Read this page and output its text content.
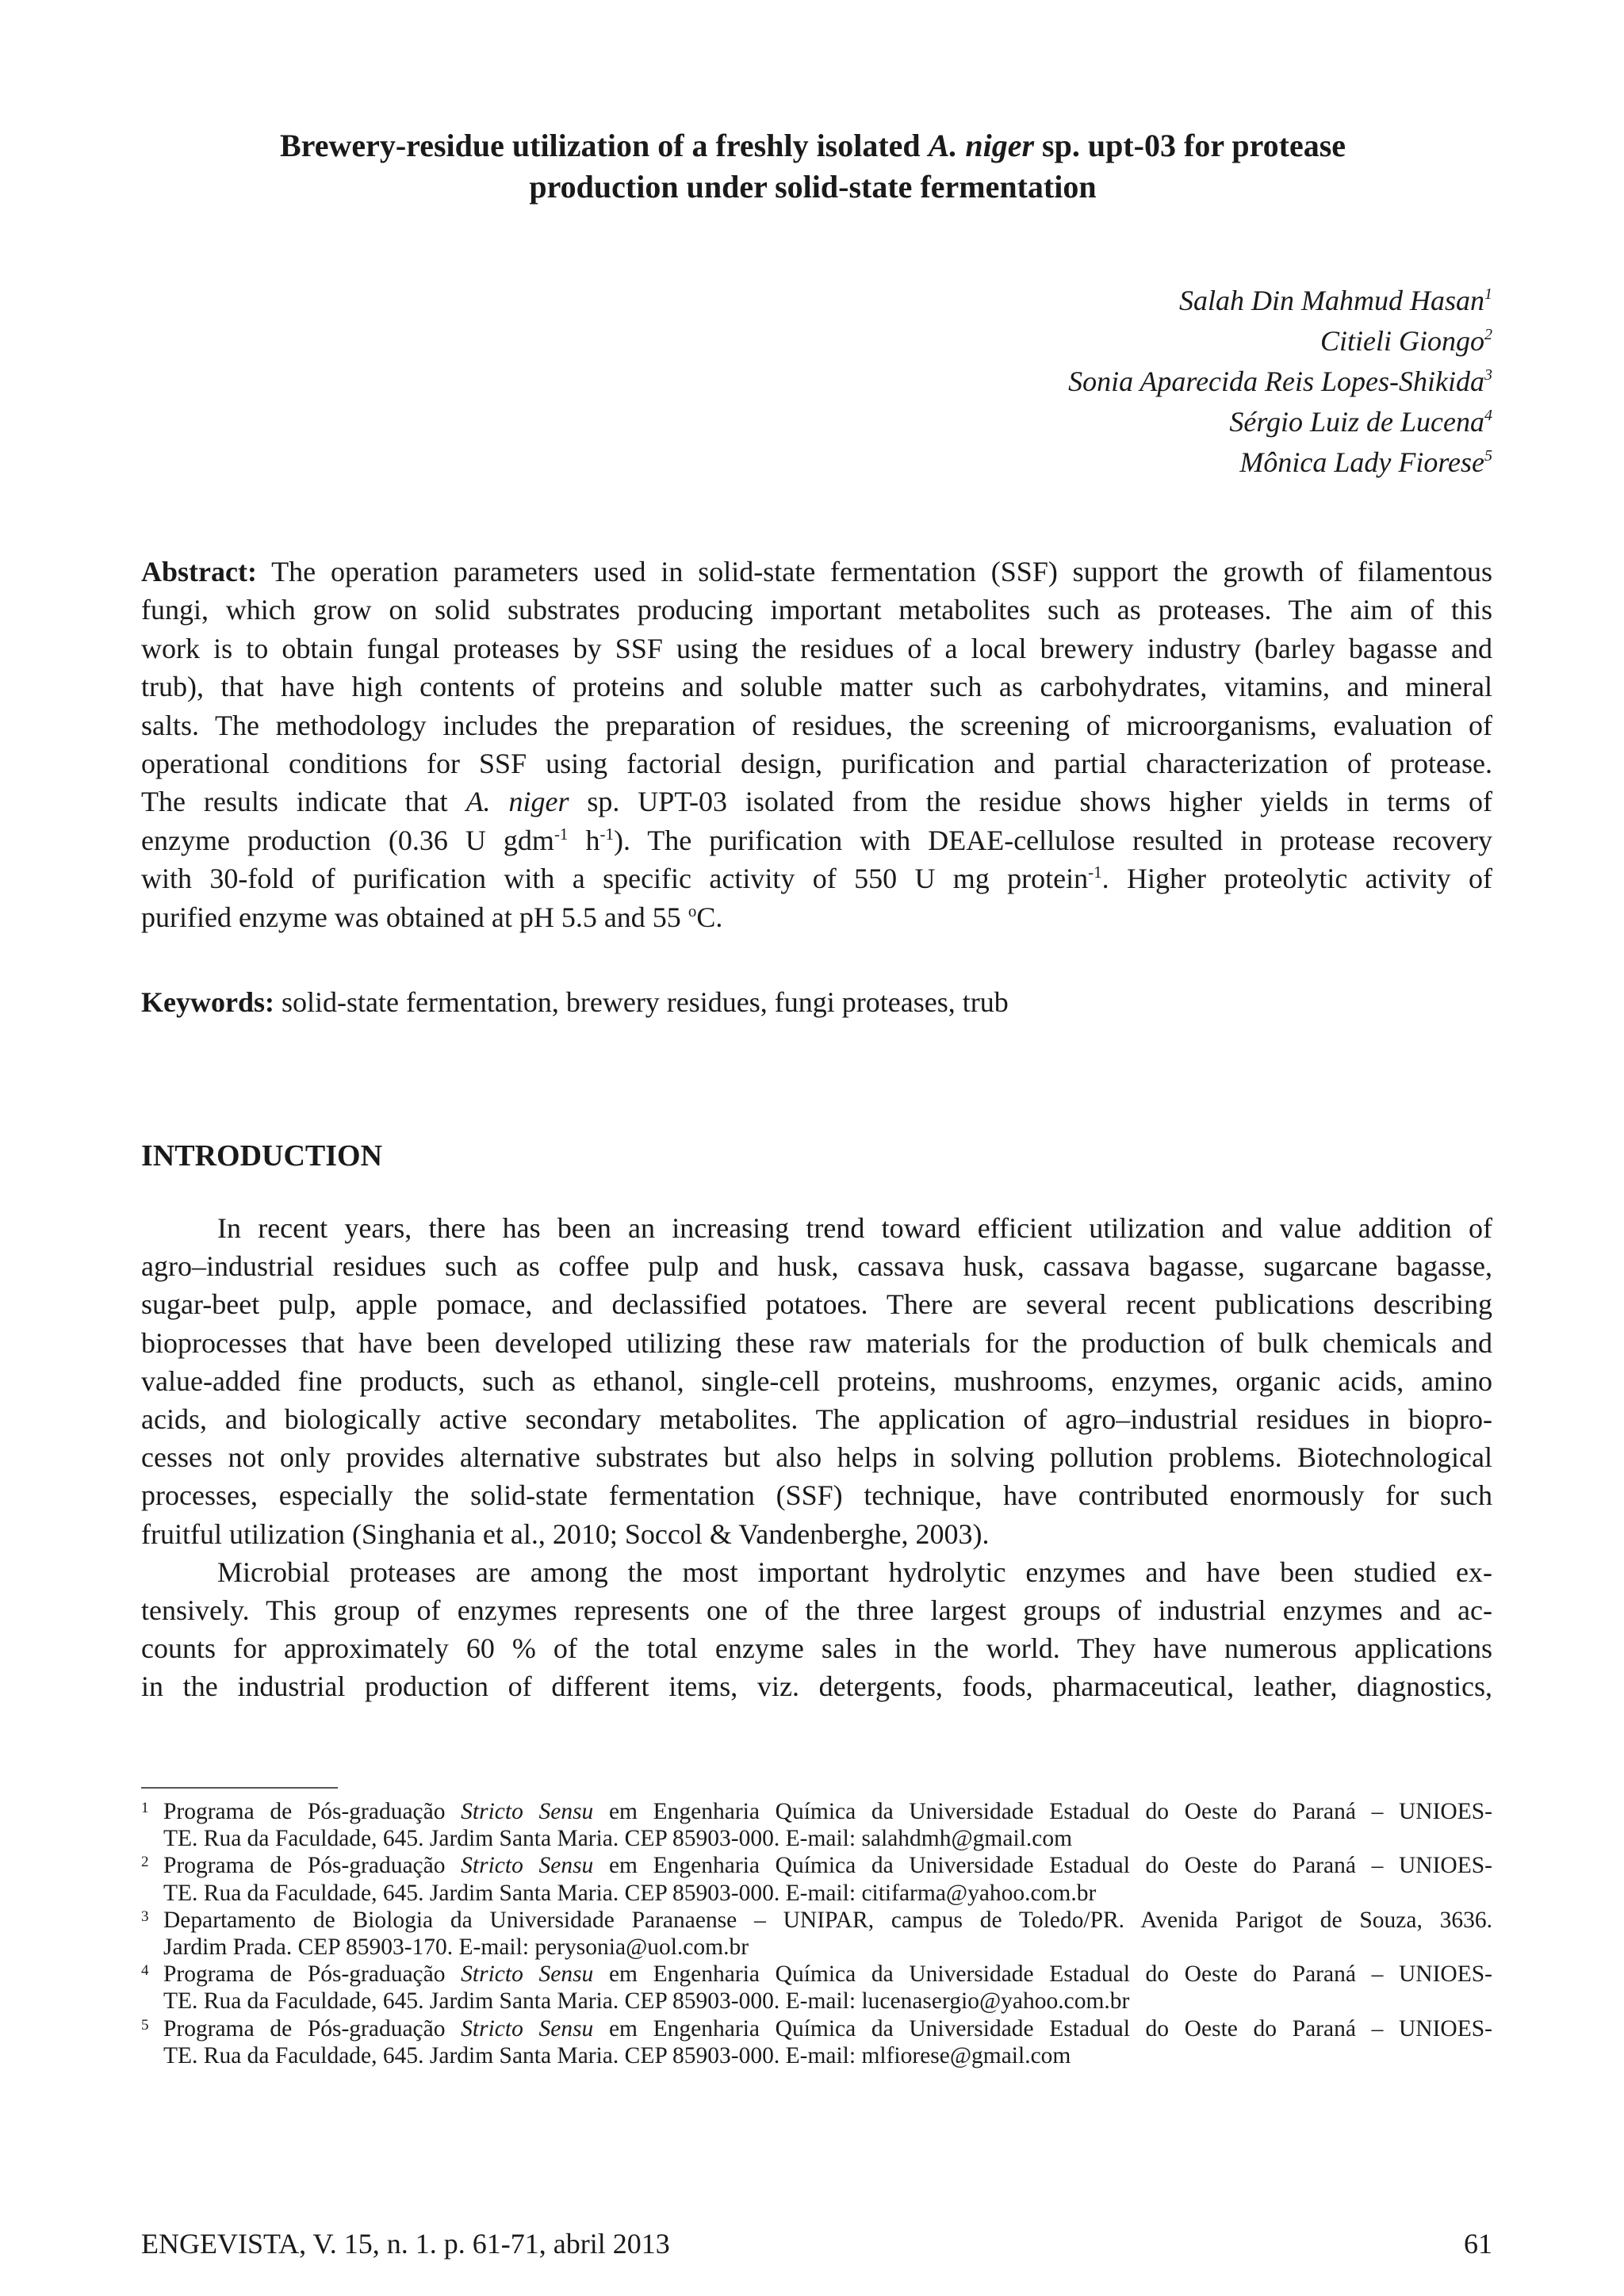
Brewery-residue utilization of a freshly isolated A. niger sp. upt-03 for protease
production under solid-state fermentation
Salah Din Mahmud Hasan$^1$
Citieli Giongo$^2$
Sonia Aparecida Reis Lopes-Shikida$^3$
Sérgio Luiz de Lucena$^4$
Mônica Lady Fiorese$^5$
Abstract: The operation parameters used in solid-state fermentation (SSF) support the growth of filamentous
fungi, which grow on solid substrates producing important metabolites such as proteases. The aim of this
work is to obtain fungal proteases by SSF using the residues of a local brewery industry (barley bagasse and
trub), that have high contents of proteins and soluble matter such as carbohydrates, vitamins, and mineral
salts. The methodology includes the preparation of residues, the screening of microorganisms, evaluation of
operational conditions for SSF using factorial design, purification and partial characterization of protease.
The results indicate that A. niger sp. UPT-03 isolated from the residue shows higher yields in terms of
enzyme production (0.36 U gdm$^{-1}$ $h^{-1}$). The purification with DEAE-cellulose resulted in protease recovery
with 30-fold of purification with a specific activity of 550 U mg protein$^{-1}$. Higher proteolytic activity of
purified enzyme was obtained at pH 5.5 and 55 $^o$C.
Keywords: solid-state fermentation, brewery residues, fungi proteases, trub
INTRODUCTION
In recent years, there has been an increasing trend toward efficient utilization and value addition of
agro–industrial residues such as coffee pulp and husk, cassava husk, cassava bagasse, sugarcane bagasse,
sugar-beet pulp, apple pomace, and declassified potatoes. There are several recent publications describing
bioprocesses that have been developed utilizing these raw materials for the production of bulk chemicals and
value-added fine products, such as ethanol, single-cell proteins, mushrooms, enzymes, organic acids, amino
acids, and biologically active secondary metabolites. The application of agro–industrial residues in biopro-
cesses not only provides alternative substrates but also helps in solving pollution problems. Biotechnological
processes, especially the solid-state fermentation (SSF) technique, have contributed enormously for such
fruitful utilization (Singhania et al., 2010; Soccol & Vandenberghe, 2003).
Microbial proteases are among the most important hydrolytic enzymes and have been studied ex-
tensively. This group of enzymes represents one of the three largest groups of industrial enzymes and ac-
counts for approximately 60 % of the total enzyme sales in the world. They have numerous applications
in the industrial production of different items, viz. detergents, foods, pharmaceutical, leather, diagnostics,
1 Programa de Pós-graduação Stricto Sensu em Engenharia Química da Universidade Estadual do Oeste do Paraná – UNIOES-
TE. Rua da Faculdade, 645. Jardim Santa Maria. CEP 85903-000. E-mail: salahdmh@gmail.com
2 Programa de Pós-graduação Stricto Sensu em Engenharia Química da Universidade Estadual do Oeste do Paraná – UNIOES-
TE. Rua da Faculdade, 645. Jardim Santa Maria. CEP 85903-000. E-mail: citifarma@yahoo.com.br
3 Departamento de Biologia da Universidade Paranaense – UNIPAR, campus de Toledo/PR. Avenida Parigot de Souza, 3636.
Jardim Prada. CEP 85903-170. E-mail: perysonia@uol.com.br
4 Programa de Pós-graduação Stricto Sensu em Engenharia Química da Universidade Estadual do Oeste do Paraná – UNIOES-
TE. Rua da Faculdade, 645. Jardim Santa Maria. CEP 85903-000. E-mail: lucenasergio@yahoo.com.br
5 Programa de Pós-graduação Stricto Sensu em Engenharia Química da Universidade Estadual do Oeste do Paraná – UNIOES-
TE. Rua da Faculdade, 645. Jardim Santa Maria. CEP 85903-000. E-mail: mlfiorese@gmail.com
ENGEVISTA, V. 15, n. 1. p. 61-71, abril 2013	61
